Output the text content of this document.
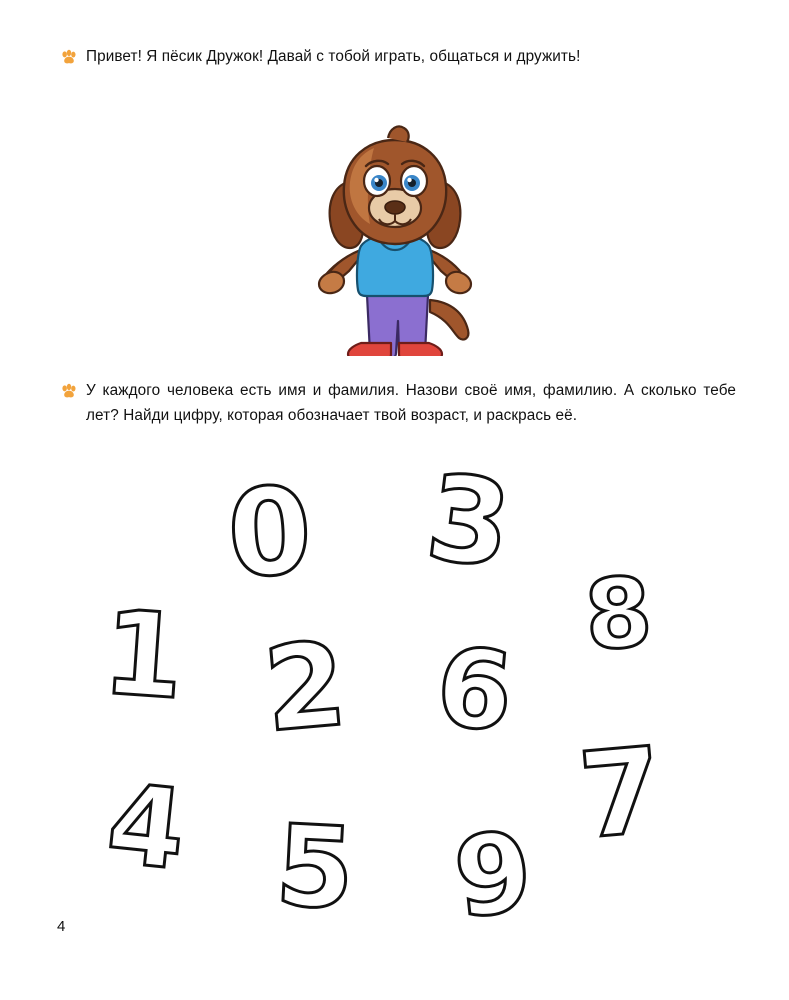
Привет! Я пёсик Дружок! Давай с тобой играть, общаться и дружить!
У каждого человека есть имя и фамилия. Назови своё имя, фамилию. А сколько тебе лет? Найди цифру, которая обозначает твой возраст, и раскрась её.
0 3
8
1 2 6
7
4 5 9
4
